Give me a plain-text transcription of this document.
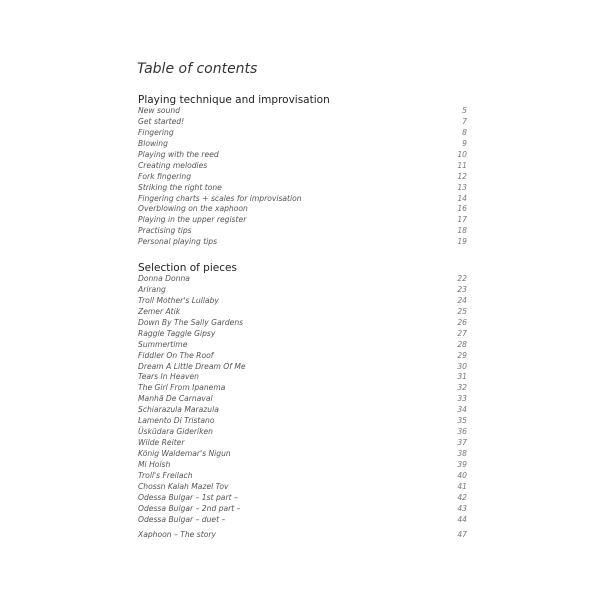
Table of contents
Playing technique and improvisation
New sound	5
Get started!	7
Fingering	8
Blowing	9
Playing with the reed	10
Creating melodies	11
Fork fingering	12
Striking the right tone	13
Fingering charts + scales for improvisation	14
Overblowing on the xaphoon	16
Playing in the upper register	17
Practising tips	18
Personal playing tips	19
Selection of pieces
Donna Donna	22
Arirang	23
Troll Mother's Lullaby	24
Zemer Atik	25
Down By The Sally Gardens	26
Raggle Taggle Gipsy	27
Summertime	28
Fiddler On The Roof	29
Dream A Little Dream Of Me	30
Tears In Heaven	31
The Girl From Ipanema	32
Manhã De Carnaval	33
Schiarazula Marazula	34
Lamento Di Tristano	35
Üsküdara Gideriken	36
Wilde Reiter	37
König Waldemar's Nigun	38
Mi Hoish	39
Troll's Freilach	40
Chossn Kalah Mazel Tov	41
Odessa Bulgar – 1st part –	42
Odessa Bulgar – 2nd part –	43
Odessa Bulgar – duet –	44
Xaphoon – The story	47
